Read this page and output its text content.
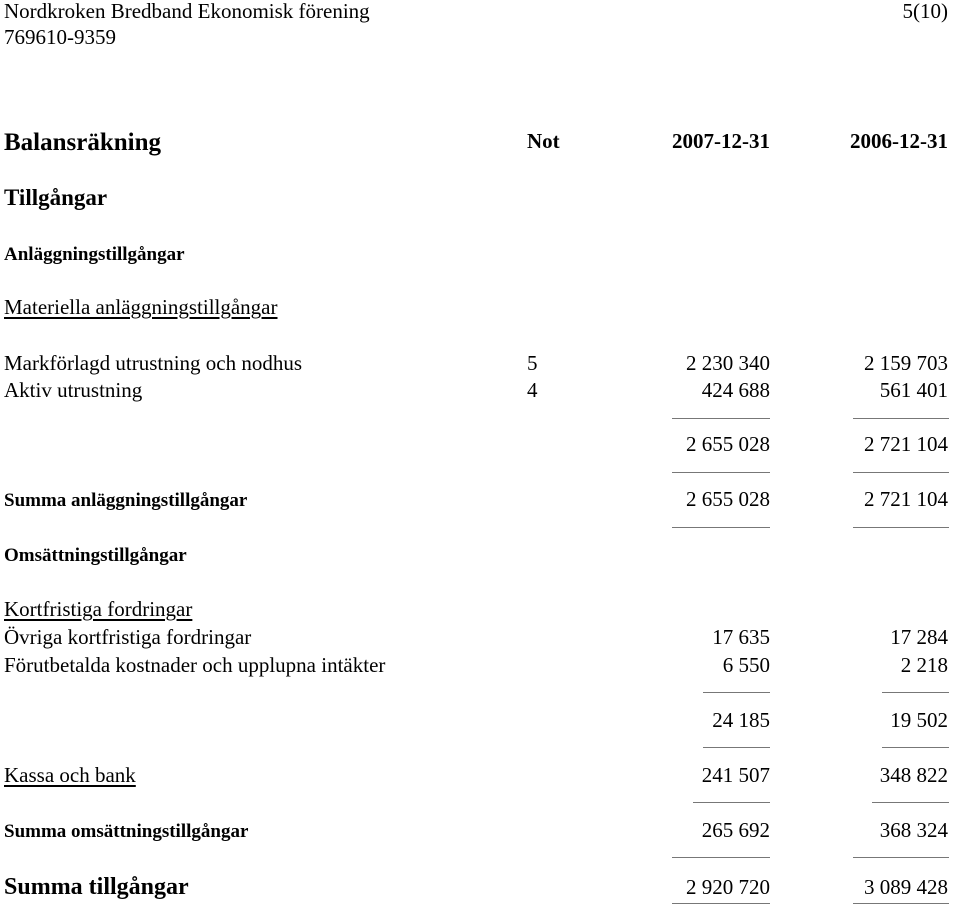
Nordkroken Bredband Ekonomisk förening
769610-9359
5(10)
Balansräkning	Not	2007-12-31	2006-12-31
Tillgångar
Anläggningstillgångar
Materiella anläggningstillgångar
Markförlagd utrustning och nodhus	5	2 230 340	2 159 703
Aktiv utrustning	4	424 688	561 401
2 655 028	2 721 104
Summa anläggningstillgångar	2 655 028	2 721 104
Omsättningstillgångar
Kortfristiga fordringar
Övriga kortfristiga fordringar	17 635	17 284
Förutbetalda kostnader och upplupna intäkter	6 550	2 218
24 185	19 502
Kassa och bank	241 507	348 822
Summa omsättningstillgångar	265 692	368 324
Summa tillgångar	2 920 720	3 089 428
